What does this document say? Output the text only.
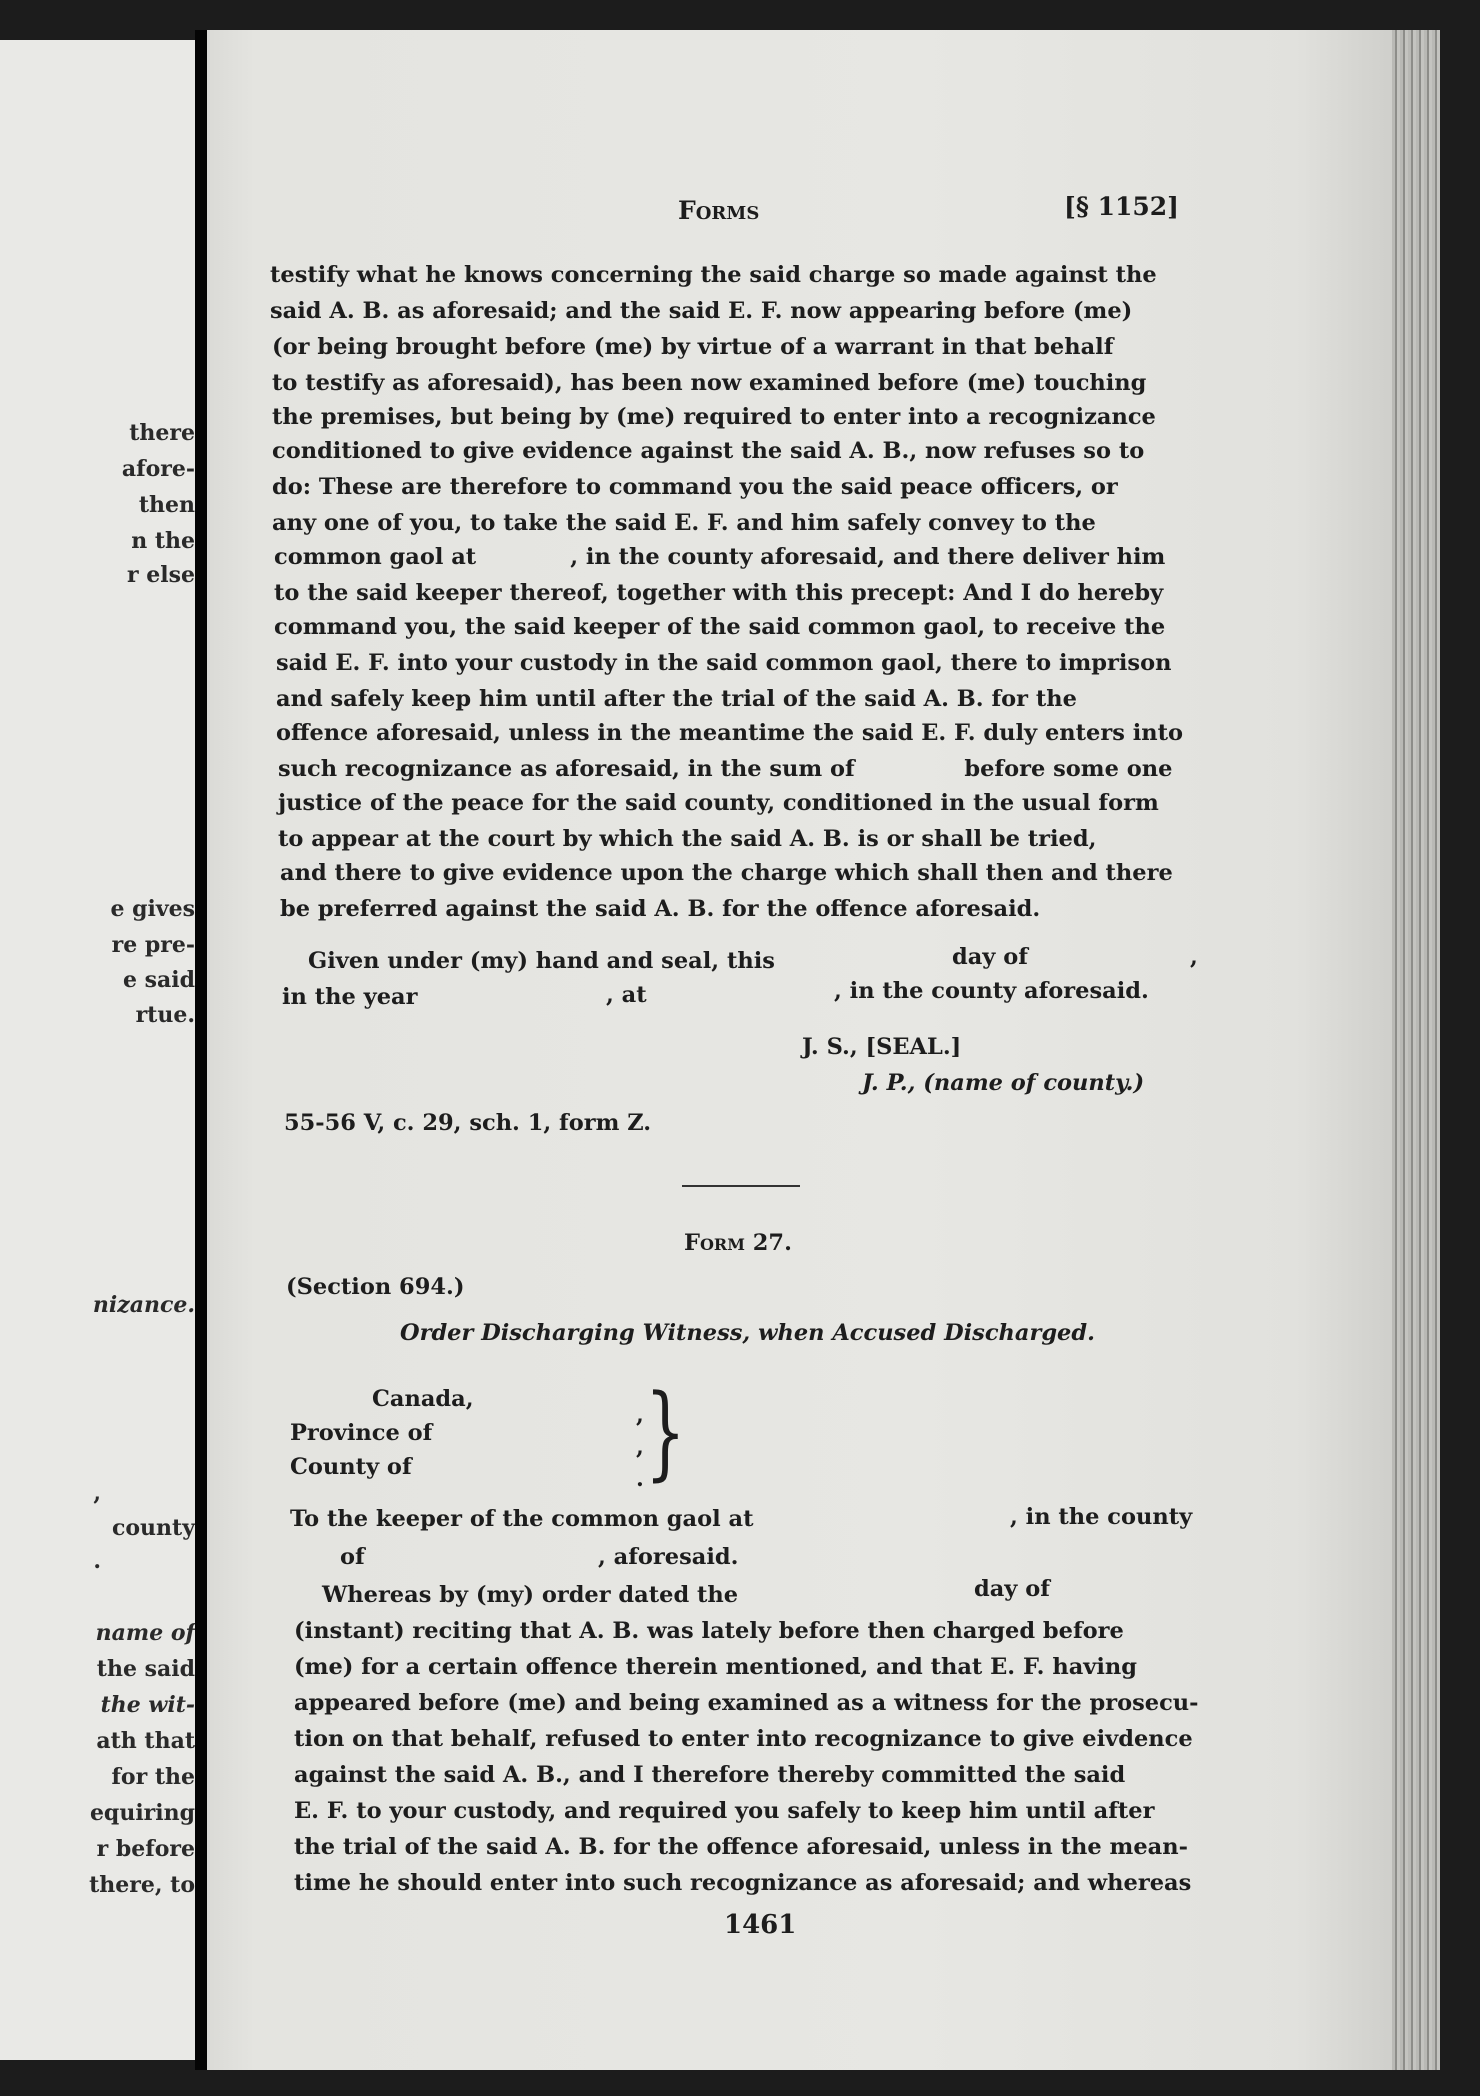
there
afore-
then
n the
r else
e gives
re pre-
e said
rtue.
nizance.
,
county
.
name of
the said
the wit-
ath that
for the
equiring
r before
there, to
Forms	[§ 1152]
testify what he knows concerning the said charge so made against the
said A. B. as aforesaid; and the said E. F. now appearing before (me)
(or being brought before (me) by virtue of a warrant in that behalf
to testify as aforesaid), has been now examined before (me) touching
the premises, but being by (me) required to enter into a recognizance
conditioned to give evidence against the said A. B., now refuses so to
do: These are therefore to command you the said peace officers, or
any one of you, to take the said E. F. and him safely convey to the
common gaol at            , in the county aforesaid, and there deliver him
to the said keeper thereof, together with this precept: And I do hereby
command you, the said keeper of the said common gaol, to receive the
said E. F. into your custody in the said common gaol, there to imprison
and safely keep him until after the trial of the said A. B. for the
offence aforesaid, unless in the meantime the said E. F. duly enters into
such recognizance as aforesaid, in the sum of              before some one
justice of the peace for the said county, conditioned in the usual form
to appear at the court by which the said A. B. is or shall be tried,
and there to give evidence upon the charge which shall then and there
be preferred against the said A. B. for the offence aforesaid.
Given under (my) hand and seal, this	day of	,
in the year	, at	, in the county aforesaid.
J. S., [SEAL.]
J. P., (name of county.)
55-56 V, c. 29, sch. 1, form Z.
Form 27.
(Section 694.)
Order Discharging Witness, when Accused Discharged.
Canada,
Province of
County of
,
,
. }
To the keeper of the common gaol at	, in the county
of	, aforesaid.
Whereas by (my) order dated the	day of
(instant) reciting that A. B. was lately before then charged before
(me) for a certain offence therein mentioned, and that E. F. having
appeared before (me) and being examined as a witness for the prosecu-
tion on that behalf, refused to enter into recognizance to give eivdence
against the said A. B., and I therefore thereby committed the said
E. F. to your custody, and required you safely to keep him until after
the trial of the said A. B. for the offence aforesaid, unless in the mean-
time he should enter into such recognizance as aforesaid; and whereas
1461
